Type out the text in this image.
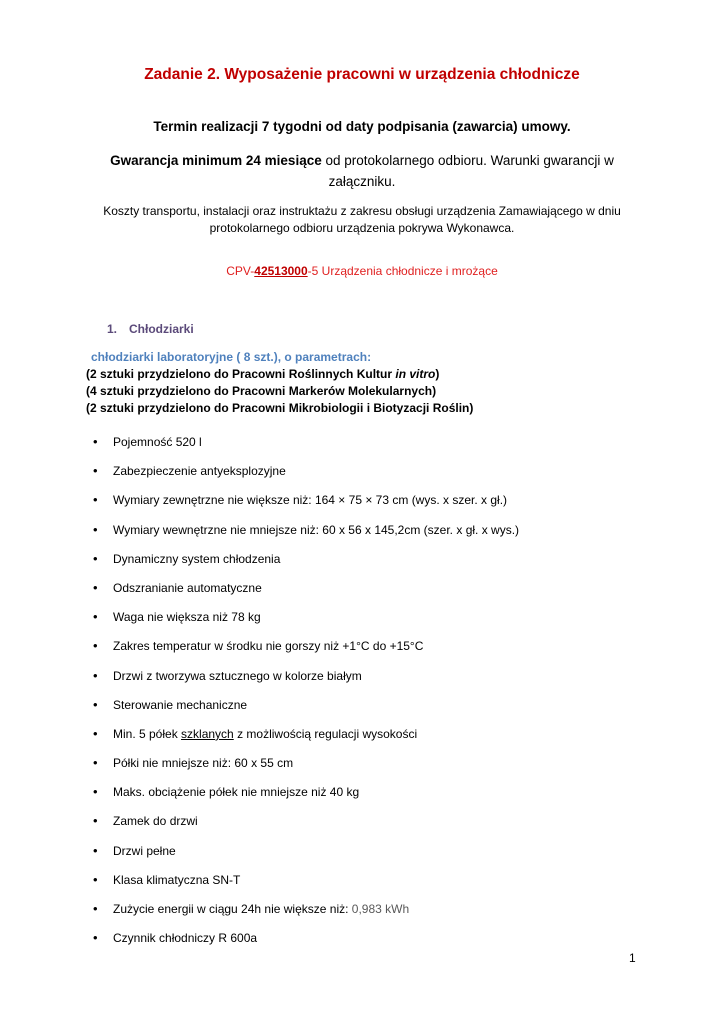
Zadanie 2. Wyposażenie pracowni w urządzenia chłodnicze
Termin realizacji 7 tygodni od daty podpisania (zawarcia) umowy.
Gwarancja minimum 24 miesiące od protokolarnego odbioru. Warunki gwarancji w załączniku.
Koszty transportu, instalacji oraz instruktażu z zakresu obsługi urządzenia Zamawiającego w dniu protokolarnego odbioru urządzenia pokrywa Wykonawca.
CPV-42513000-5 Urządzenia chłodnicze i mrożące
1. Chłodziarki
chłodziarki laboratoryjne ( 8 szt.), o parametrach:
(2 sztuki przydzielono do Pracowni Roślinnych Kultur in vitro)
(4 sztuki przydzielono do Pracowni Markerów Molekularnych)
(2 sztuki przydzielono do Pracowni Mikrobiologii i Biotyzacji Roślin)
• Pojemność 520 l
• Zabezpieczenie antyeksplozyjne
• Wymiary zewnętrzne nie większe niż: 164 × 75 × 73 cm (wys. x szer. x gł.)
• Wymiary wewnętrzne nie mniejsze niż: 60 x 56 x 145,2cm (szer. x gł. x wys.)
• Dynamiczny system chłodzenia
• Odszranianie automatyczne
• Waga nie większa niż 78 kg
• Zakres temperatur w środku nie gorszy niż +1°C do +15°C
• Drzwi z tworzywa sztucznego w kolorze białym
• Sterowanie mechaniczne
• Min. 5 półek szklanych z możliwością regulacji wysokości
• Półki nie mniejsze niż: 60 x 55 cm
• Maks. obciążenie półek nie mniejsze niż 40 kg
• Zamek do drzwi
• Drzwi pełne
• Klasa klimatyczna SN-T
• Zużycie energii w ciągu 24h nie większe niż: 0,983 kWh
• Czynnik chłodniczy R 600a
1
